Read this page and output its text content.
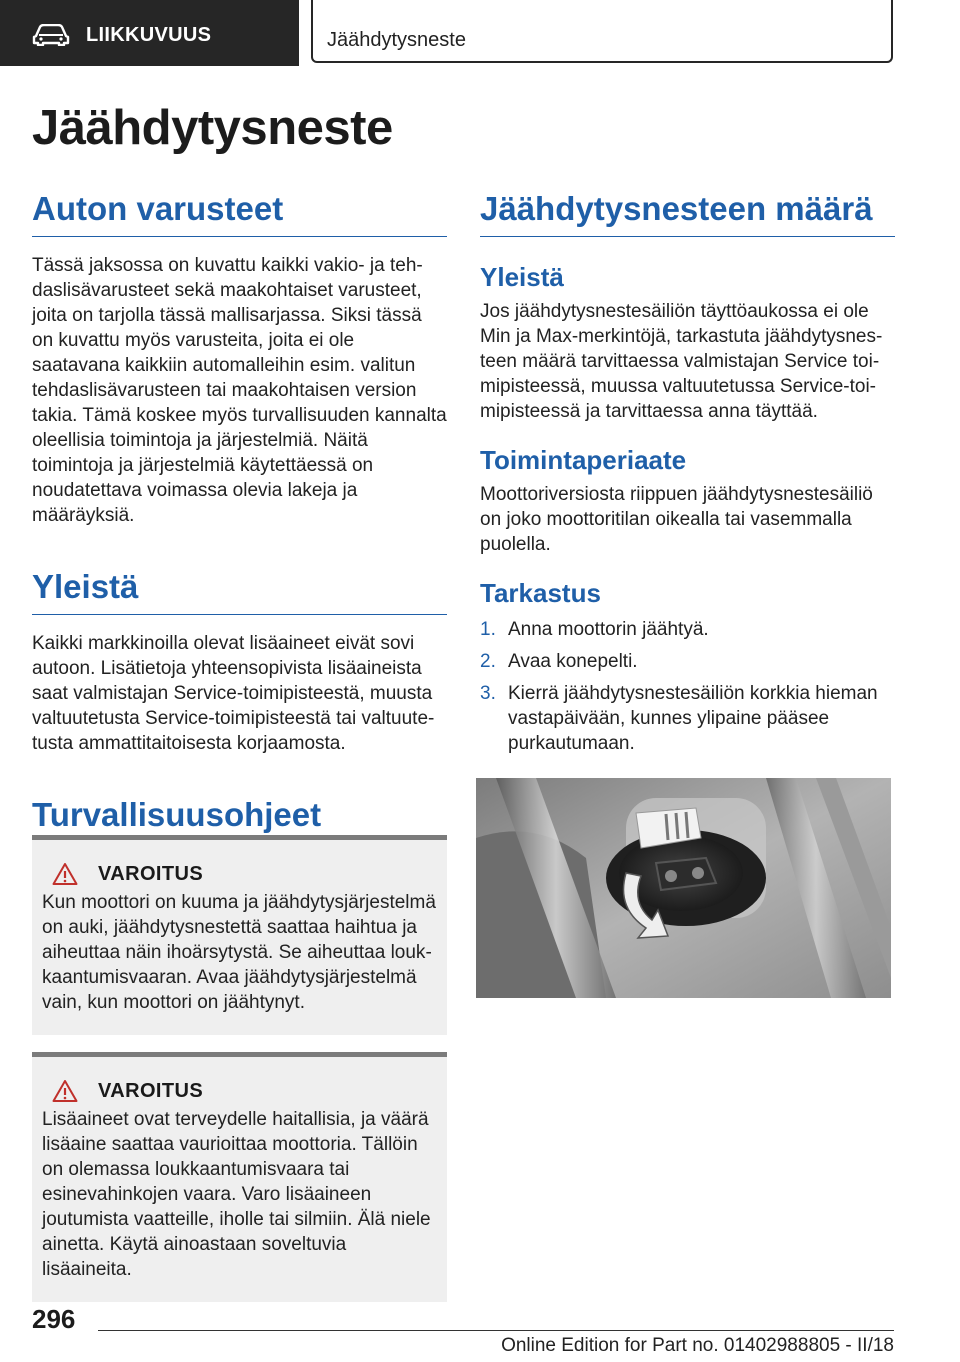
LIIKKUVUUS	Jäähdytysneste
Jäähdytysneste
Auton varusteet

Tässä jaksossa on kuvattu kaikki vakio- ja tehdaslisävarusteet sekä maakohtaiset varusteet, joita on tarjolla tässä mallisarjassa. Siksi tässä on kuvattu myös varusteita, joita ei ole saatavana kaikkiin automalleihin esim. valitun tehdaslisävarusteen tai maakohtaisen version takia. Tämä koskee myös turvallisuuden kannalta oleellisia toimintoja ja järjestelmiä. Näitä toimintoja ja järjestelmiä käytettäessä on noudatettava voimassa olevia lakeja ja määräyksiä.

Yleistä

Kaikki markkinoilla olevat lisäaineet eivät sovi autoon. Lisätietoja yhteensopivista lisäaineista saat valmistajan Service-toimipisteestä, muusta valtuutetusta Service-toimipisteestä tai valtuutetusta ammattitaitoisesta korjaamosta.

Turvallisuusohjeet
VAROITUS

Kun moottori on kuuma ja jäähdytysjärjestelmä on auki, jäähdytysnestettä saattaa haihtua ja aiheuttaa näin ihoärsytystä. Se aiheuttaa loukkaantumisvaaran. Avaa jäähdytysjärjestelmä vain, kun moottori on jäähtynyt.

VAROITUS

Lisäaineet ovat terveydelle haitallisia, ja väärä lisäaine saattaa vaurioittaa moottoria. Tällöin on olemassa loukkaantumisvaara tai esinevahinkojen vaara. Varo lisäaineen joutumista vaatteille, iholle tai silmiin. Älä niele ainetta. Käytä ainoastaan soveltuvia lisäaineita.

Jäähdytysnesteen määrä
Yleistä

Jos jäähdytysnestesäiliön täyttöaukossa ei ole Min ja Max-merkintöjä, tarkastuta jäähdytysnesteen määrä tarvittaessa valmistajan Service toimipisteessä, muussa valtuutetussa Service-toimipisteessä ja tarvittaessa anna täyttää.

Toimintaperiaate

Moottoriversiosta riippuen jäähdytysnestesäiliö on joko moottoritilan oikealla tai vasemmalla puolella.

Tarkastus
1. Anna moottorin jäähtyä.
2. Avaa konepelti.
3. Kierrä jäähdytysnestesäiliön korkkia hieman vastapäivään, kunnes ylipaine pääsee purkautumaan.
296
Online Edition for Part no. 01402988805 - II/18
